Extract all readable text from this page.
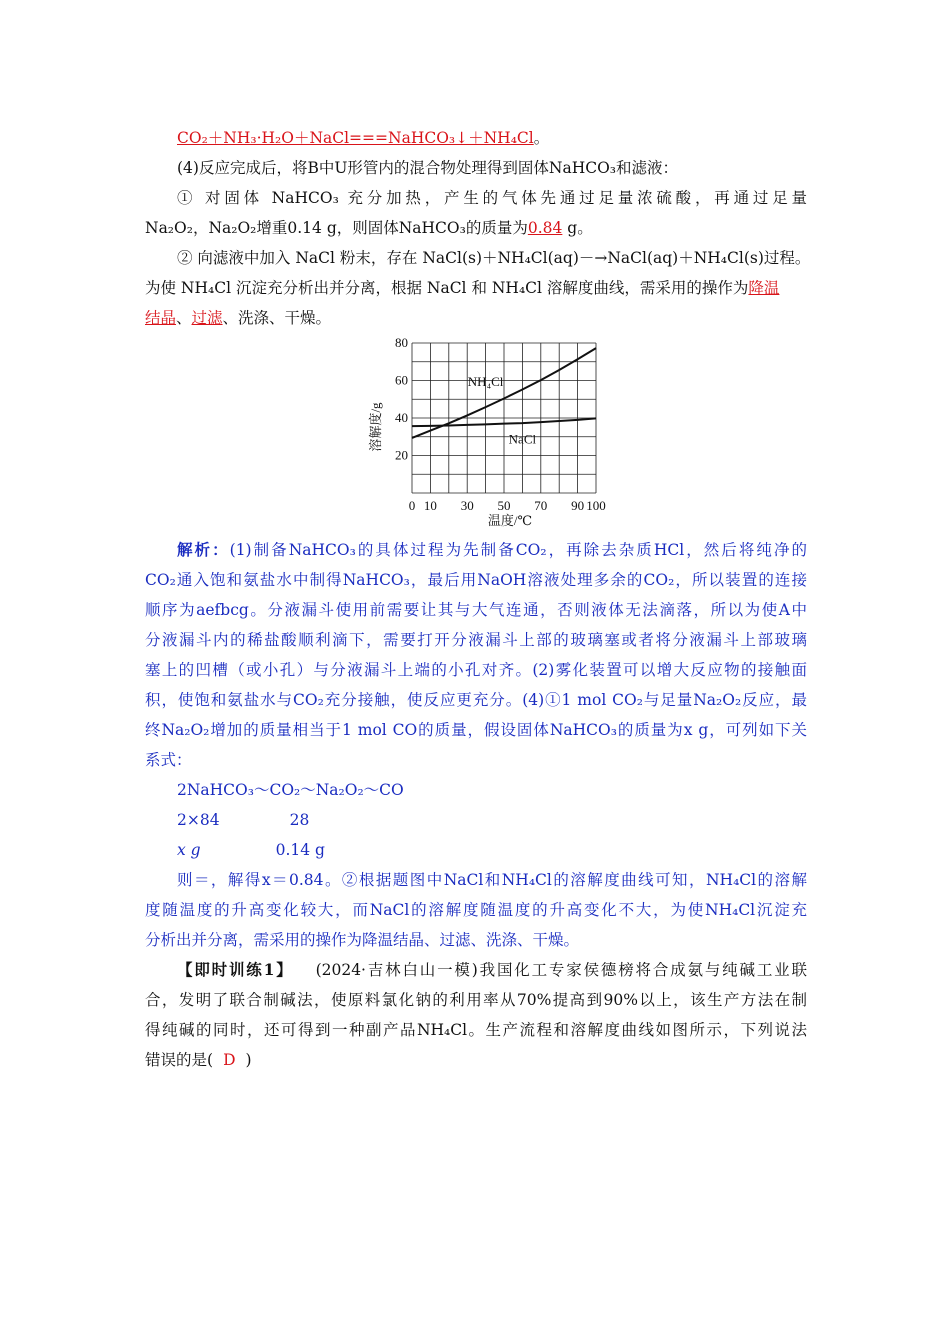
CO₂＋NH₃·H₂O＋NaCl===NaHCO₃↓＋NH₄Cl。
(4)反应完成后，将B中U形管内的混合物处理得到固体NaHCO₃和滤液：
① 对固体 NaHCO₃ 充分加热，产生的气体先通过足量浓硫酸，再通过足量
Na₂O₂，Na₂O₂增重0.14 g，则固体NaHCO₃的质量为0.84 g。
② 向滤液中加入 NaCl 粉末，存在 NaCl(s)＋NH₄Cl(aq)－→NaCl(aq)＋NH₄Cl(s)过程。
为使 NH₄Cl 沉淀充分析出并分离，根据 NaCl 和 NH₄Cl 溶解度曲线，需采用的操作为降温
结晶、过滤、洗涤、干燥。
0 10 30 50 70 90 100
20
40
60
80
NH₄Cl
NaCl
溶解度/g
温度/℃
解析：(1)制备NaHCO₃的具体过程为先制备CO₂，再除去杂质HCl，然后将纯净的
CO₂通入饱和氨盐水中制得NaHCO₃，最后用NaOH溶液处理多余的CO₂，所以装置的连接
顺序为aefbcg。分液漏斗使用前需要让其与大气连通，否则液体无法滴落，所以为使A中
分液漏斗内的稀盐酸顺利滴下，需要打开分液漏斗上部的玻璃塞或者将分液漏斗上部玻璃
塞上的凹槽（或小孔）与分液漏斗上端的小孔对齐。(2)雾化装置可以增大反应物的接触面
积，使饱和氨盐水与CO₂充分接触，使反应更充分。(4)①1 mol CO₂与足量Na₂O₂反应，最
终Na₂O₂增加的质量相当于1 mol CO的质量，假设固体NaHCO₃的质量为x g，可列如下关
系式：
2NaHCO₃～CO₂～Na₂O₂～CO
2×84	28
x g	0.14 g
则＝，解得x＝0.84。②根据题图中NaCl和NH₄Cl的溶解度曲线可知，NH₄Cl的溶解
度随温度的升高变化较大，而NaCl的溶解度随温度的升高变化不大，为使NH₄Cl沉淀充
分析出并分离，需采用的操作为降温结晶、过滤、洗涤、干燥。
【即时训练1】 (2024·吉林白山一模)我国化工专家侯德榜将合成氨与纯碱工业联
合，发明了联合制碱法，使原料氯化钠的利用率从70%提高到90%以上，该生产方法在制
得纯碱的同时，还可得到一种副产品NH₄Cl。生产流程和溶解度曲线如图所示，下列说法
错误的是( D )
